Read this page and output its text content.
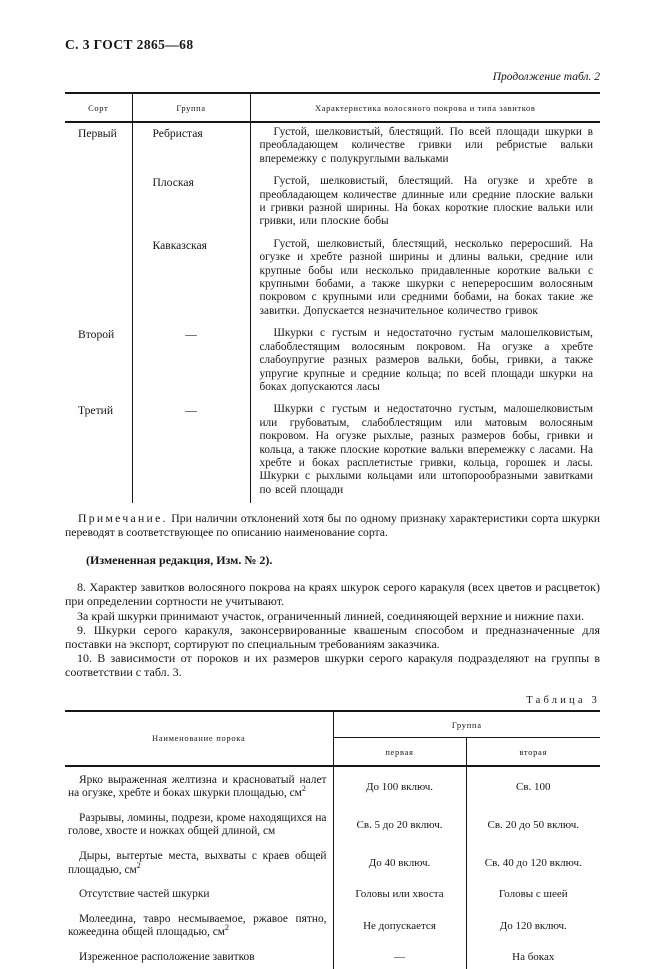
С. 3 ГОСТ 2865—68
Продолжение табл. 2
Сорт	Группа	Характеристика волосяного покрова и типа завитков
Первый	Ребристая	Густой, шелковистый, блестящий. По всей площади шкурки в преобладающем количестве гривки или ребристые вальки вперемежку с полукруглыми вальками
	Плоская	Густой, шелковистый, блестящий. На огузке и хребте в преобладающем количестве длинные или средние плоские вальки и гривки разной ширины. На боках короткие плоские вальки или гривки, или плоские бобы
	Кавказская	Густой, шелковистый, блестящий, несколько переросший. На огузке и хребте разной ширины и длины вальки, средние или крупные бобы или несколько придавленные короткие вальки с крупными бобами, а также шкурки с непереросшим волосяным покровом с крупными или средними бобами, на боках такие же завитки. Допускается незначительное количество гривок
Второй	—	Шкурки с густым и недостаточно густым малошелковистым, слабоблестящим волосяным покровом. На огузке а хребте слабоупругие разных размеров вальки, бобы, гривки, а также упругие крупные и средние кольца; по всей площади шкурки на боках допускаются ласы
Третий	—	Шкурки с густым и недостаточно густым, малошелковистым или грубоватым, слабоблестящим или матовым волосяным покровом. На огузке рыхлые, разных размеров бобы, гривки и кольца, а также плоские короткие вальки вперемежку с ласами. На хребте и боках расплетистые гривки, кольца, горошек и ласы. Шкурки с рыхлыми кольцами или штопорообразными завитками по всей площади

Примечание. При наличии отклонений хотя бы по одному признаку характеристики сорта шкурки переводят в соответствующее по описанию наименование сорта.

(Измененная редакция, Изм. № 2).

8. Характер завитков волосяного покрова на краях шкурок серого каракуля (всех цветов и расцветок) при определении сортности не учитывают.

За край шкурки принимают участок, ограниченный линией, соединяющей верхние и нижние пахи.

9. Шкурки серого каракуля, законсервированные квашеным способом и предназначенные для поставки на экспорт, сортируют по специальным требованиям заказчика.

10. В зависимости от пороков и их размеров шкурки серого каракуля подразделяют на группы в соответствии с табл. 3.

Таблица 3
Наименование порока	Группа	
	первая	вторая
Ярко выраженная желтизна и красноватый налет на огузке, хребте и боках шкурки площадью, $см^2$	До 100 включ.	Св. 100
Разрывы, ломины, подрези, кроме находящихся на голове, хвосте и ножках общей длиной, см	Св. 5 до 20 включ.	Св. 20 до 50 включ.
Дыры, вытертые места, выхваты с краев общей площадью, $см^2$	До 40 включ.	Св. 40 до 120 включ.
Отсутствие частей шкурки	Головы или хвоста	Головы с шеей
Молеедина, тавро несмываемое, ржавое пятно, кожеедина общей площадью, $см^2$	Не допускается	До 120 включ.
Изреженное расположение завитков	—	На боках
